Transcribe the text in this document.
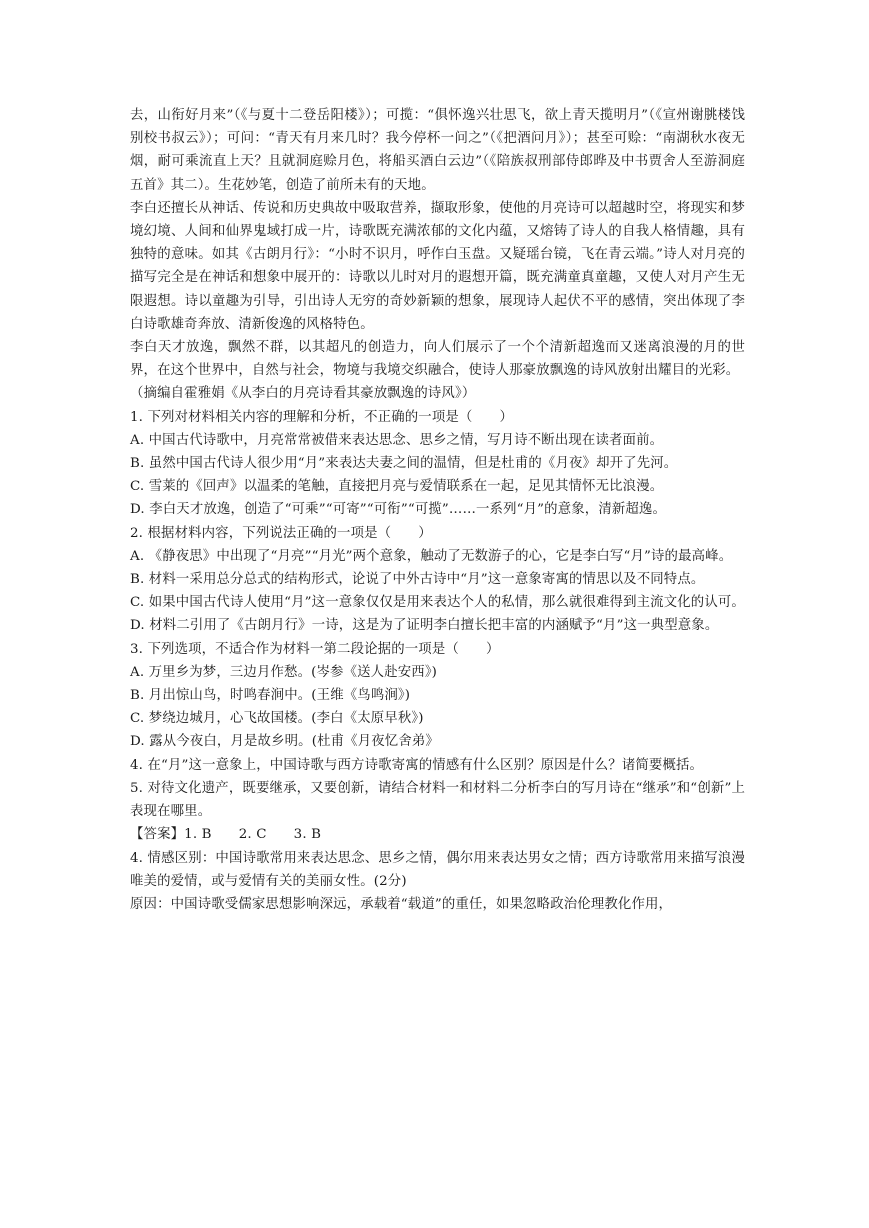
去，山衔好月来”（《与夏十二登岳阳楼》）；可揽：“俱怀逸兴壮思飞，欲上青天揽明月”（《宣州谢朓楼饯别校书叔云》）；可问：“青天有月来几时？我今停杯一问之”（《把酒问月》）；甚至可赊：“南湖秋水夜无烟，耐可乘流直上天？且就洞庭赊月色，将船买酒白云边”（《陪族叔刑部侍郎晔及中书贾舍人至游洞庭五首》其二）。生花妙笔，创造了前所未有的天地。

李白还擅长从神话、传说和历史典故中吸取营养，撷取形象，使他的月亮诗可以超越时空，将现实和梦境幻境、人间和仙界鬼域打成一片，诗歌既充满浓郁的文化内蕴，又熔铸了诗人的自我人格情趣，具有独特的意味。如其《古朗月行》：“小时不识月，呼作白玉盘。又疑瑶台镜，飞在青云端。”诗人对月亮的描写完全是在神话和想象中展开的：诗歌以儿时对月的遐想开篇，既充满童真童趣，又使人对月产生无限遐想。诗以童趣为引导，引出诗人无穷的奇妙新颖的想象，展现诗人起伏不平的感情，突出体现了李白诗歌雄奇奔放、清新俊逸的风格特色。

李白天才放逸，飘然不群，以其超凡的创造力，向人们展示了一个个清新超逸而又迷离浪漫的月的世界，在这个世界中，自然与社会，物境与我境交织融合，使诗人那豪放飘逸的诗风放射出耀目的光彩。

（摘编自霍雅娟《从李白的月亮诗看其豪放飘逸的诗风》）

1. 下列对材料相关内容的理解和分析，不正确的一项是（　　）

A. 中国古代诗歌中，月亮常常被借来表达思念、思乡之情，写月诗不断出现在读者面前。

B. 虽然中国古代诗人很少用“月”来表达夫妻之间的温情，但是杜甫的《月夜》却开了先河。

C. 雪莱的《回声》以温柔的笔触，直接把月亮与爱情联系在一起，足见其情怀无比浪漫。

D. 李白天才放逸，创造了“可乘”“可寄”“可衔”“可揽”……一系列“月”的意象，清新超逸。

2. 根据材料内容，下列说法正确的一项是（　　）

A. 《静夜思》中出现了“月亮”“月光”两个意象，触动了无数游子的心，它是李白写“月”诗的最高峰。

B. 材料一采用总分总式的结构形式，论说了中外古诗中“月”这一意象寄寓的情思以及不同特点。

C. 如果中国古代诗人使用“月”这一意象仅仅是用来表达个人的私情，那么就很难得到主流文化的认可。

D. 材料二引用了《古朗月行》一诗，这是为了证明李白擅长把丰富的内涵赋予“月”这一典型意象。

3. 下列选项，不适合作为材料一第二段论据的一项是（　　）

A. 万里乡为梦，三边月作愁。(岑参《送人赴安西》)

B. 月出惊山鸟，时鸣春涧中。(王维《鸟鸣涧》)

C. 梦绕边城月，心飞故国楼。(李白《太原早秋》)

D. 露从今夜白，月是故乡明。(杜甫《月夜忆舍弟》

4. 在“月”这一意象上，中国诗歌与西方诗歌寄寓的情感有什么区别？原因是什么？诸简要概括。

5. 对待文化遗产，既要继承，又要创新，请结合材料一和材料二分析李白的写月诗在“继承”和“创新”上表现在哪里。

【答案】1. B　　2. C　　3. B

4. 情感区别：中国诗歌常用来表达思念、思乡之情，偶尔用来表达男女之情；西方诗歌常用来描写浪漫唯美的爱情，或与爱情有关的美丽女性。(2分)

原因：中国诗歌受儒家思想影响深远，承载着“载道”的重任，如果忽略政治伦理教化作用，
